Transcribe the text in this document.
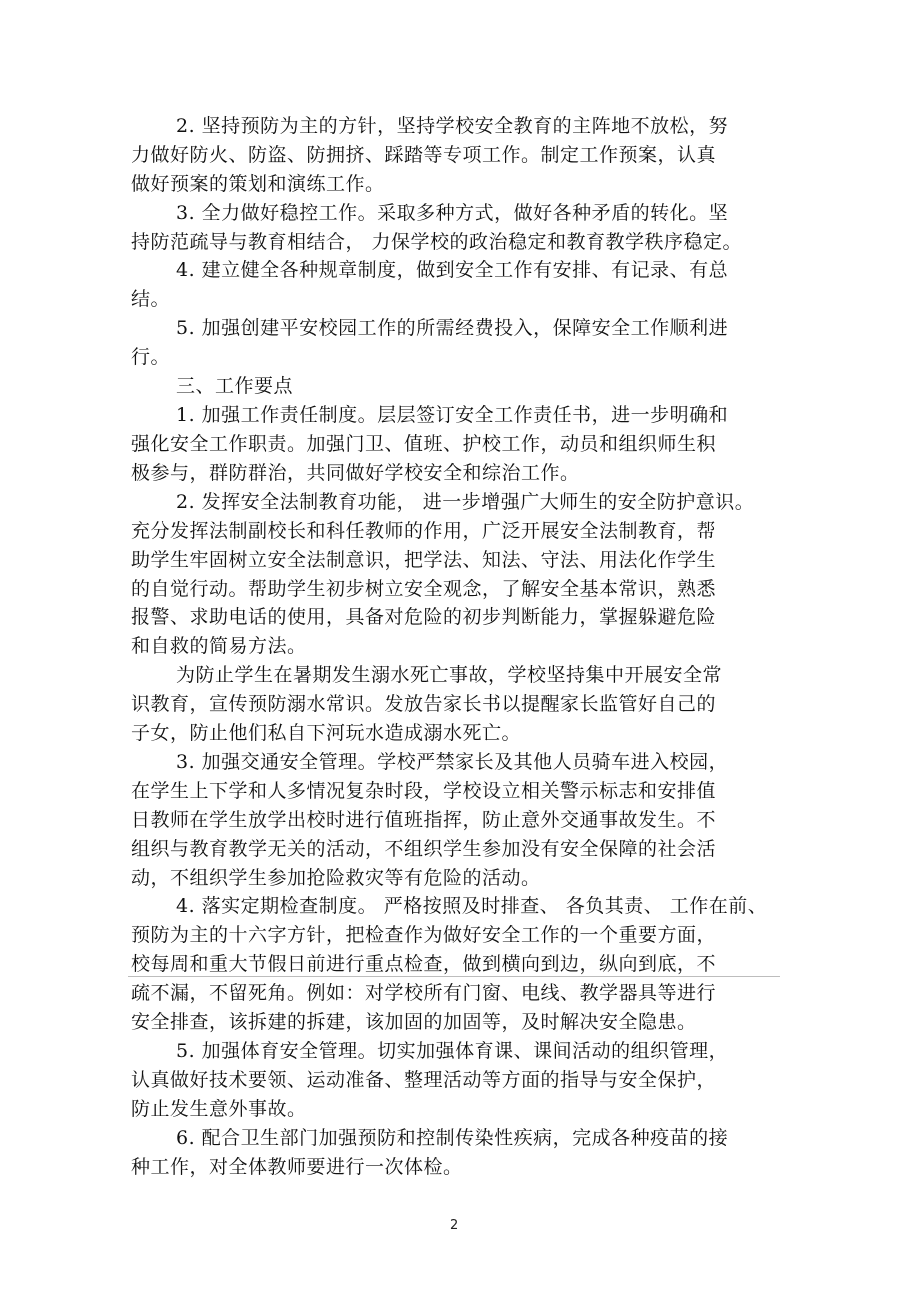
2. 坚持预防为主的方针，坚持学校安全教育的主阵地不放松，努
力做好防火、防盗、防拥挤、踩踏等专项工作。制定工作预案，认真
做好预案的策划和演练工作。
3. 全力做好稳控工作。采取多种方式，做好各种矛盾的转化。坚
持防范疏导与教育相结合， 力保学校的政治稳定和教育教学秩序稳定。
4. 建立健全各种规章制度，做到安全工作有安排、有记录、有总
结。
5. 加强创建平安校园工作的所需经费投入，保障安全工作顺利进
行。
三、工作要点
1. 加强工作责任制度。层层签订安全工作责任书，进一步明确和
强化安全工作职责。加强门卫、值班、护校工作，动员和组织师生积
极参与，群防群治，共同做好学校安全和综治工作。
2. 发挥安全法制教育功能， 进一步增强广大师生的安全防护意识。
充分发挥法制副校长和科任教师的作用，广泛开展安全法制教育，帮
助学生牢固树立安全法制意识，把学法、知法、守法、用法化作学生
的自觉行动。帮助学生初步树立安全观念，了解安全基本常识，熟悉
报警、求助电话的使用，具备对危险的初步判断能力，掌握躲避危险
和自救的简易方法。
为防止学生在暑期发生溺水死亡事故，学校坚持集中开展安全常
识教育，宣传预防溺水常识。发放告家长书以提醒家长监管好自己的
子女，防止他们私自下河玩水造成溺水死亡。
3. 加强交通安全管理。学校严禁家长及其他人员骑车进入校园，
在学生上下学和人多情况复杂时段，学校设立相关警示标志和安排值
日教师在学生放学出校时进行值班指挥，防止意外交通事故发生。不
组织与教育教学无关的活动，不组织学生参加没有安全保障的社会活
动，不组织学生参加抢险救灾等有危险的活动。
4. 落实定期检查制度。 严格按照及时排查、 各负其责、 工作在前、
预防为主的十六字方针，把检查作为做好安全工作的一个重要方面，
校每周和重大节假日前进行重点检查，做到横向到边，纵向到底，不
疏不漏，不留死角。例如：对学校所有门窗、电线、教学器具等进行
安全排查，该拆建的拆建，该加固的加固等，及时解决安全隐患。
5. 加强体育安全管理。切实加强体育课、课间活动的组织管理，
认真做好技术要领、运动准备、整理活动等方面的指导与安全保护，
防止发生意外事故。
6. 配合卫生部门加强预防和控制传染性疾病，完成各种疫苗的接
种工作，对全体教师要进行一次体检。
2
